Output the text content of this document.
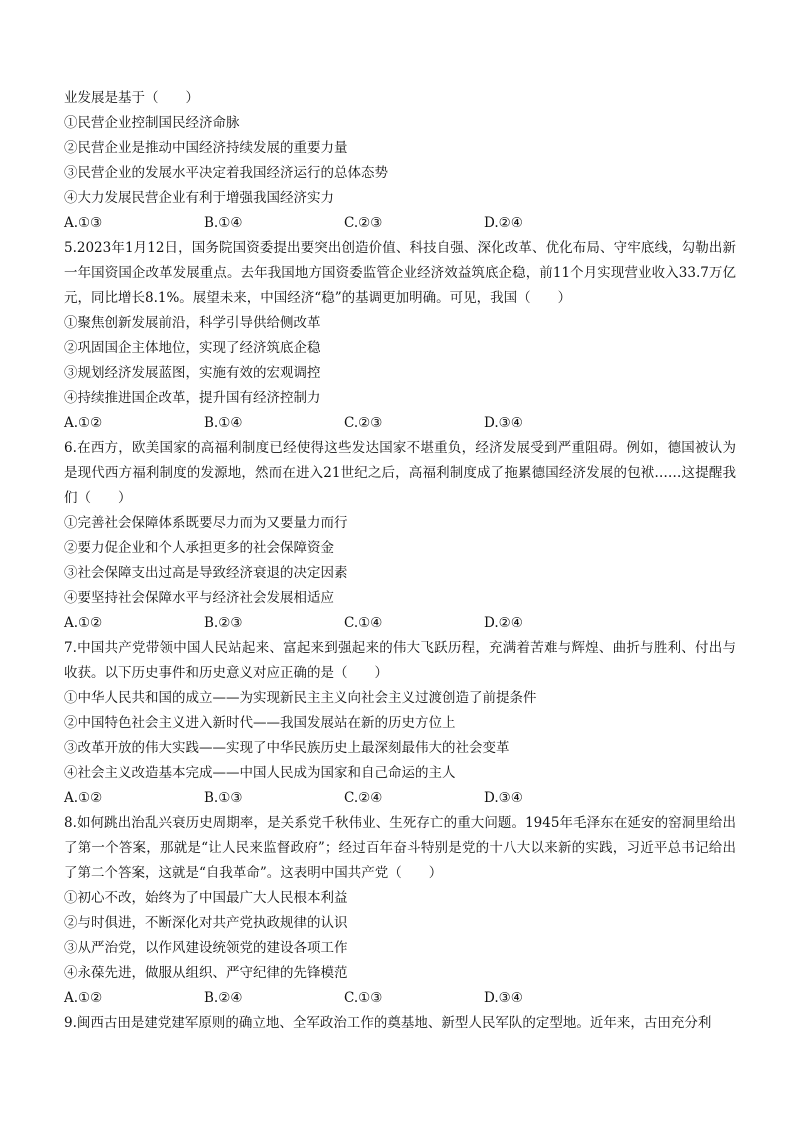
业发展是基于（　　）
①民营企业控制国民经济命脉
②民营企业是推动中国经济持续发展的重要力量
③民营企业的发展水平决定着我国经济运行的总体态势
④大力发展民营企业有利于增强我国经济实力
A.①③	B.①④	C.②③	D.②④
5.2023年1月12日，国务院国资委提出要突出创造价值、科技自强、深化改革、优化布局、守牢底线，勾勒出新一年国资国企改革发展重点。去年我国地方国资委监管企业经济效益筑底企稳，前11个月实现营业收入33.7万亿元，同比增长8.1%。展望未来，中国经济“稳”的基调更加明确。可见，我国（　　）
①聚焦创新发展前沿，科学引导供给侧改革
②巩固国企主体地位，实现了经济筑底企稳
③规划经济发展蓝图，实施有效的宏观调控
④持续推进国企改革，提升国有经济控制力
A.①②	B.①④	C.②③	D.③④
6.在西方，欧美国家的高福利制度已经使得这些发达国家不堪重负，经济发展受到严重阻碍。例如，德国被认为是现代西方福利制度的发源地，然而在进入21世纪之后，高福利制度成了拖累德国经济发展的包袱……这提醒我们（　　）
①完善社会保障体系既要尽力而为又要量力而行
②要力促企业和个人承担更多的社会保障资金
③社会保障支出过高是导致经济衰退的决定因素
④要坚持社会保障水平与经济社会发展相适应
A.①②	B.②③	C.①④	D.②④
7.中国共产党带领中国人民站起来、富起来到强起来的伟大飞跃历程，充满着苦难与辉煌、曲折与胜利、付出与收获。以下历史事件和历史意义对应正确的是（　　）
①中华人民共和国的成立——为实现新民主主义向社会主义过渡创造了前提条件
②中国特色社会主义进入新时代——我国发展站在新的历史方位上
③改革开放的伟大实践——实现了中华民族历史上最深刻最伟大的社会变革
④社会主义改造基本完成——中国人民成为国家和自己命运的主人
A.①②	B.①③	C.②④	D.③④
8.如何跳出治乱兴衰历史周期率，是关系党千秋伟业、生死存亡的重大问题。1945年毛泽东在延安的窑洞里给出了第一个答案，那就是“让人民来监督政府”；经过百年奋斗特别是党的十八大以来新的实践，习近平总书记给出了第二个答案，这就是“自我革命”。这表明中国共产党（　　）
①初心不改，始终为了中国最广大人民根本利益
②与时俱进，不断深化对共产党执政规律的认识
③从严治党，以作风建设统领党的建设各项工作
④永葆先进，做服从组织、严守纪律的先锋模范
A.①②	B.②④	C.①③	D.③④
9.闽西古田是建党建军原则的确立地、全军政治工作的奠基地、新型人民军队的定型地。近年来，古田充分利
